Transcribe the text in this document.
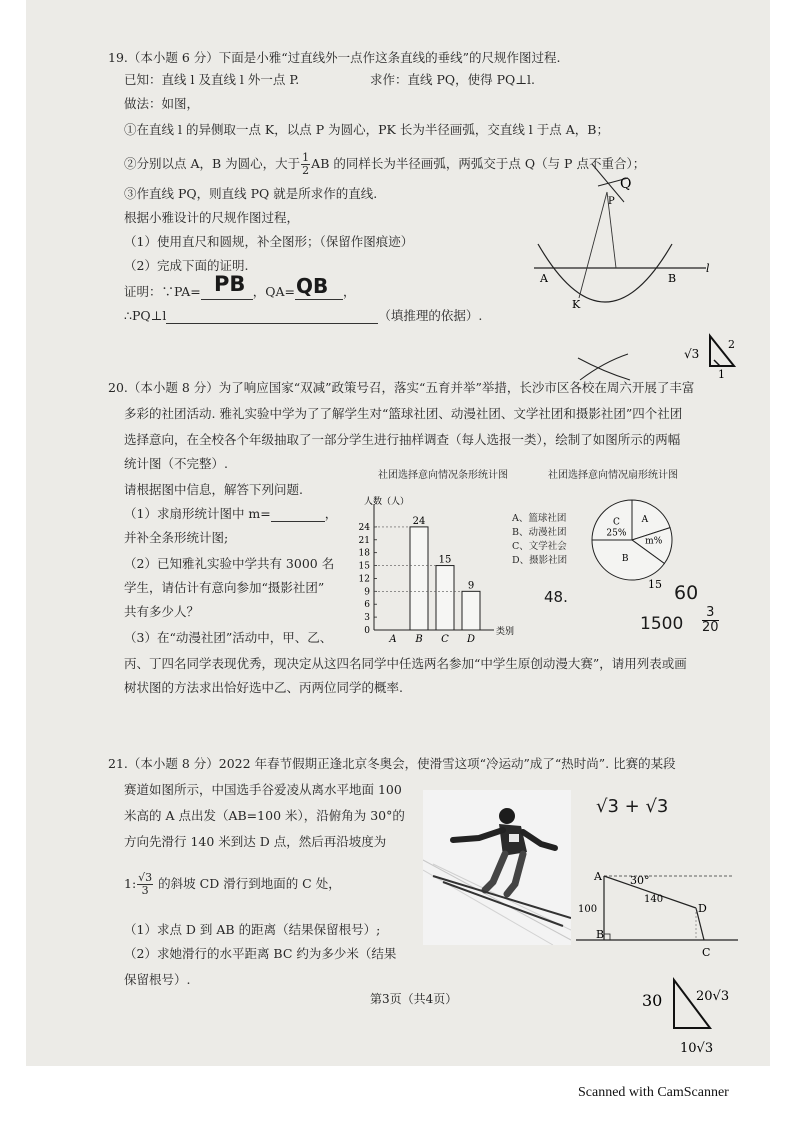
19.（本小题 6 分）下面是小雅“过直线外一点作这条直线的垂线”的尺规作图过程.
已知：直线 l 及直线 l 外一点 P.	求作：直线 PQ，使得 PQ⊥l.
做法：如图，
①在直线 l 的异侧取一点 K，以点 P 为圆心，PK 长为半径画弧，交直线 l 于点 A，B；
②分别以点 A，B 为圆心，大于 $\frac{1}{2}$ AB 的同样长为半径画弧，两弧交于点 Q（与 P 点不重合）；
③作直线 PQ，则直线 PQ 就是所求作的直线.
根据小雅设计的尺规作图过程，
（1）使用直尺和圆规，补全图形；（保留作图痕迹）
（2）完成下面的证明.
证明：∵PA=	，QA=	，
PB	QB
∴PQ⊥l	（填推理的依据）.
A	B
K
P
Q
l
√3
2
1
20.（本小题 8 分）为了响应国家“双减”政策号召，落实“五育并举”举措，长沙市区各校在周六开展了丰富
多彩的社团活动. 雅礼实验中学为了了解学生对“篮球社团、动漫社团、文学社团和摄影社团”四个社团
选择意向，在全校各个年级抽取了一部分学生进行抽样调查（每人选报一类），绘制了如图所示的两幅
统计图（不完整）.
请根据图中信息，解答下列问题.
（1）求扇形统计图中 m=	，
并补全条形统计图;
（2）已知雅礼实验中学共有 3000 名
学生，请估计有意向参加“摄影社团”
共有多少人？
（3）在“动漫社团”活动中，甲、乙、
丙、丁四名同学表现优秀，现决定从这四名同学中任选两名参加“中学生原创动漫大赛”，请用列表或画
树状图的方法求出恰好选中乙、丙两位同学的概率.
社团选择意向情况条形统计图
人数（人）
类别
3
6
9
12
15
18
21
24
0
A B
24
C
15
D
9
A、篮球社团
B、动漫社团
C、文学社会
D、摄影社团
社团选择意向情况扇形统计图
A
m%
B
C
25%
15
48.	60
1500
3
20
21.（本小题 8 分）2022 年春节假期正逢北京冬奥会，使滑雪这项“冷运动”成了“热时尚”. 比赛的某段
赛道如图所示，中国选手谷爱凌从离水平地面 100
米高的 A 点出发（AB=100 米），沿俯角为 30°的
方向先滑行 140 米到达 D 点，然后再沿坡度为
1: $\frac{√3}{3}$ 的斜坡 CD 滑行到地面的 C 处，
（1）求点 D 到 AB 的距离（结果保留根号）;
（2）求她滑行的水平距离 BC 约为多少米（结果
保留根号）.
A
B
C
D
30°
100
140
√3 + √3
30	20√3
10√3
第3页（共4页）
Scanned with CamScanner
